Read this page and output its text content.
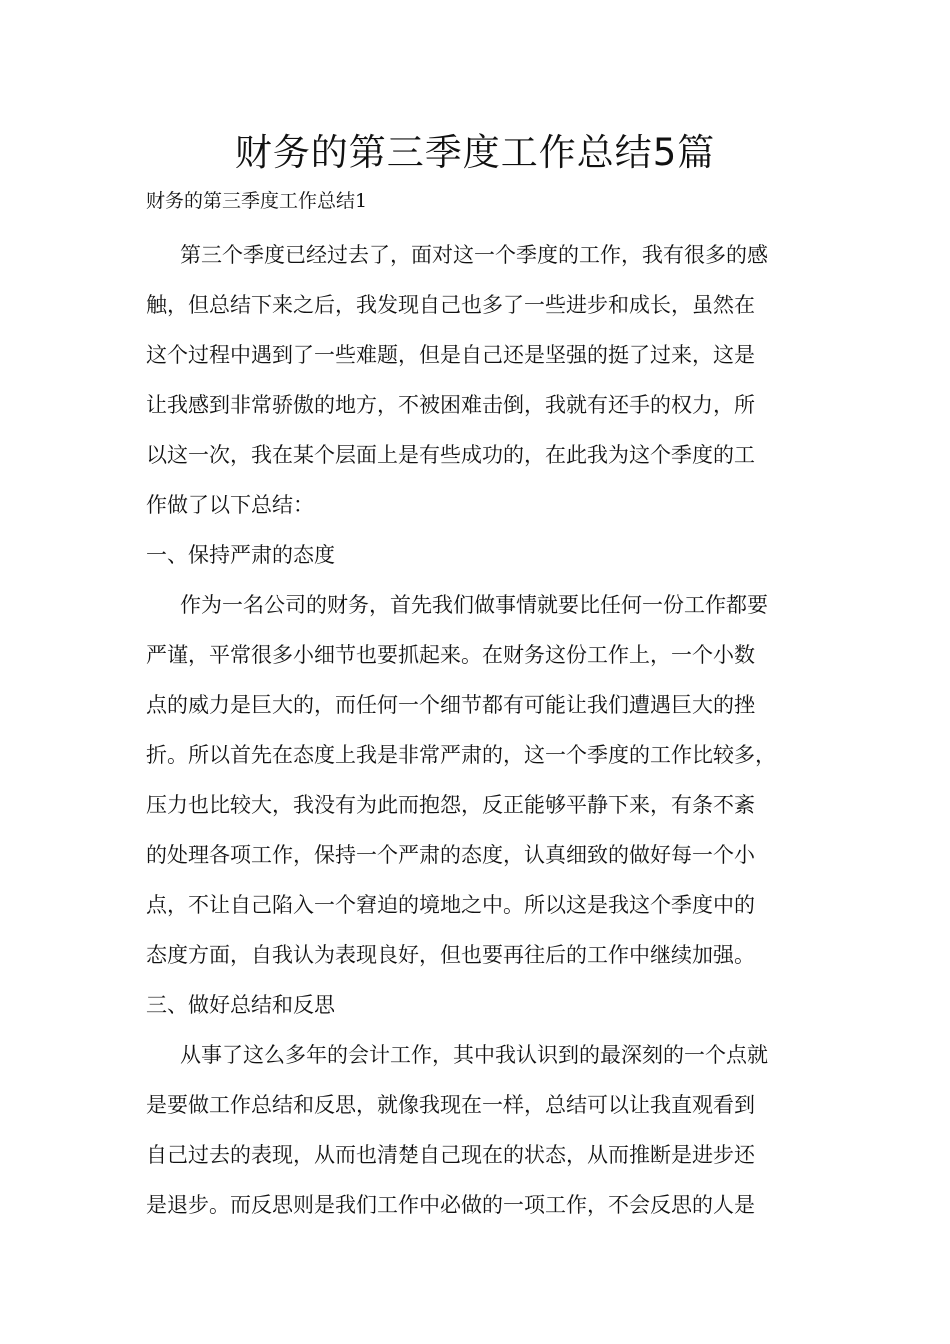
财务的第三季度工作总结5篇

财务的第三季度工作总结1

第三个季度已经过去了，面对这一个季度的工作，我有很多的感
触，但总结下来之后，我发现自己也多了一些进步和成长，虽然在
这个过程中遇到了一些难题，但是自己还是坚强的挺了过来，这是
让我感到非常骄傲的地方，不被困难击倒，我就有还手的权力，所
以这一次，我在某个层面上是有些成功的，在此我为这个季度的工
作做了以下总结：

一、保持严肃的态度

作为一名公司的财务，首先我们做事情就要比任何一份工作都要
严谨，平常很多小细节也要抓起来。在财务这份工作上，一个小数
点的威力是巨大的，而任何一个细节都有可能让我们遭遇巨大的挫
折。所以首先在态度上我是非常严肃的，这一个季度的工作比较多，
压力也比较大，我没有为此而抱怨，反正能够平静下来，有条不紊
的处理各项工作，保持一个严肃的态度，认真细致的做好每一个小
点，不让自己陷入一个窘迫的境地之中。所以这是我这个季度中的
态度方面，自我认为表现良好，但也要再往后的工作中继续加强。

三、做好总结和反思

从事了这么多年的会计工作，其中我认识到的最深刻的一个点就
是要做工作总结和反思，就像我现在一样，总结可以让我直观看到
自己过去的表现，从而也清楚自己现在的状态，从而推断是进步还
是退步。而反思则是我们工作中必做的一项工作，不会反思的人是
